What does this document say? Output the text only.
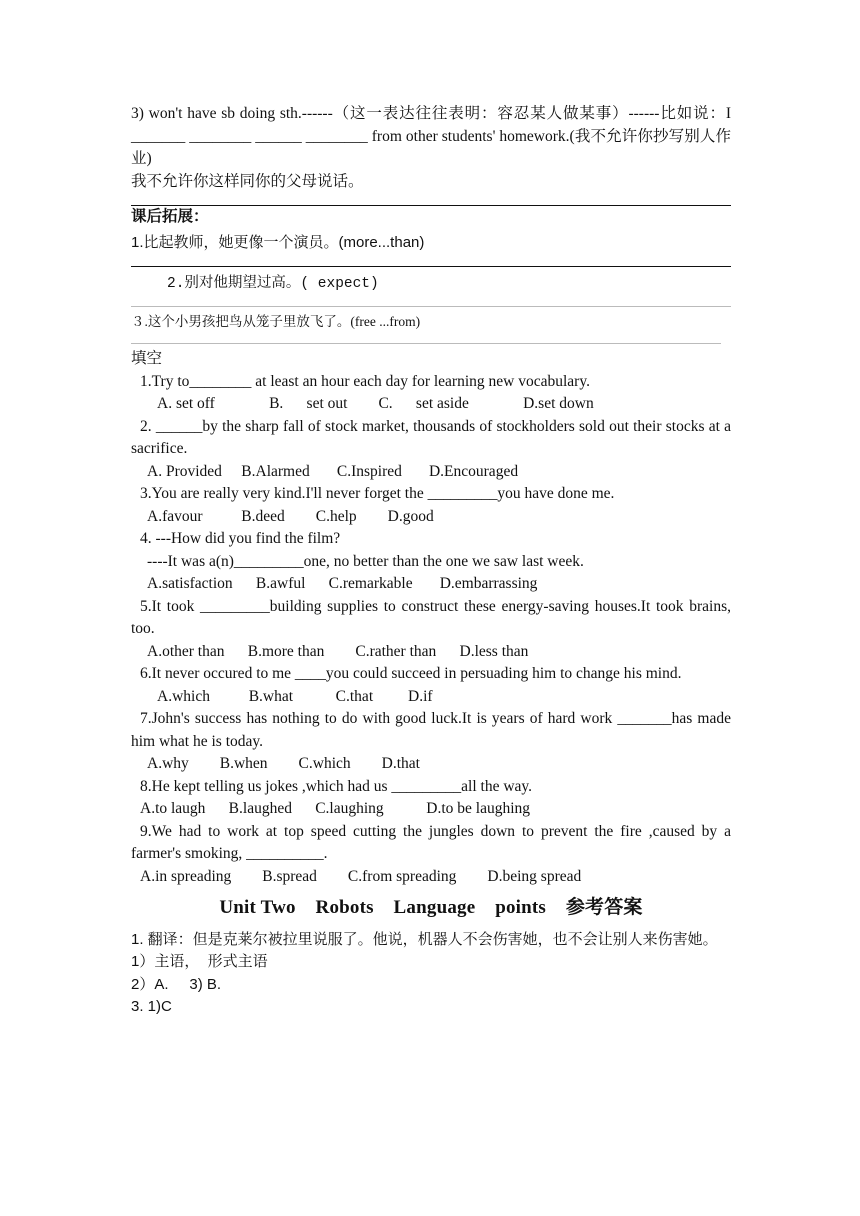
3) won't have sb doing sth.------（这一表达往往表明：容忍某人做某事）------比如说：I _______ ________ ______ ________ from other students' homework.(我不允许你抄写别人作业)

我不允许你这样同你的父母说话。

课后拓展：

1.比起教师，她更像一个演员。(more...than)

2.别对他期望过高。( expect)

３.这个小男孩把鸟从笼子里放飞了。(free ...from)

填空

1.Try to________ at least an hour each day for learning new vocabulary.

A. set off              B.      set out        C.      set aside              D.set down

2. ______by the sharp fall of stock market, thousands of stockholders sold out their stocks at a sacrifice.

A. Provided     B.Alarmed       C.Inspired       D.Encouraged

3.You are really very kind.I'll never forget the _________you have done me.

A.favour          B.deed        C.help        D.good

4. ---How did you find the film?

----It was a(n)_________one, no better than the one we saw last week.

A.satisfaction      B.awful      C.remarkable       D.embarrassing

5.It took _________building supplies to construct these energy-saving houses.It took brains, too.

A.other than      B.more than        C.rather than      D.less than

6.It never occured to me ____you could succeed in persuading him to change his mind.

A.which          B.what           C.that         D.if

7.John's success has nothing to do with good luck.It is years of hard work _______has made him what he is today.

A.why        B.when        C.which        D.that

8.He kept telling us jokes ,which had us _________all the way.

A.to laugh      B.laughed      C.laughing           D.to be laughing

9.We had to work at top speed cutting the jungles down to prevent the fire ,caused by a farmer's smoking, __________.

A.in spreading        B.spread        C.from spreading        D.being spread

Unit Two    Robots    Language    points    参考答案

1. 翻译：但是克莱尔被拉里说服了。他说，机器人不会伤害她，也不会让别人来伤害她。

1）主语，  形式主语

2）A.     3) B.

3. 1)C
